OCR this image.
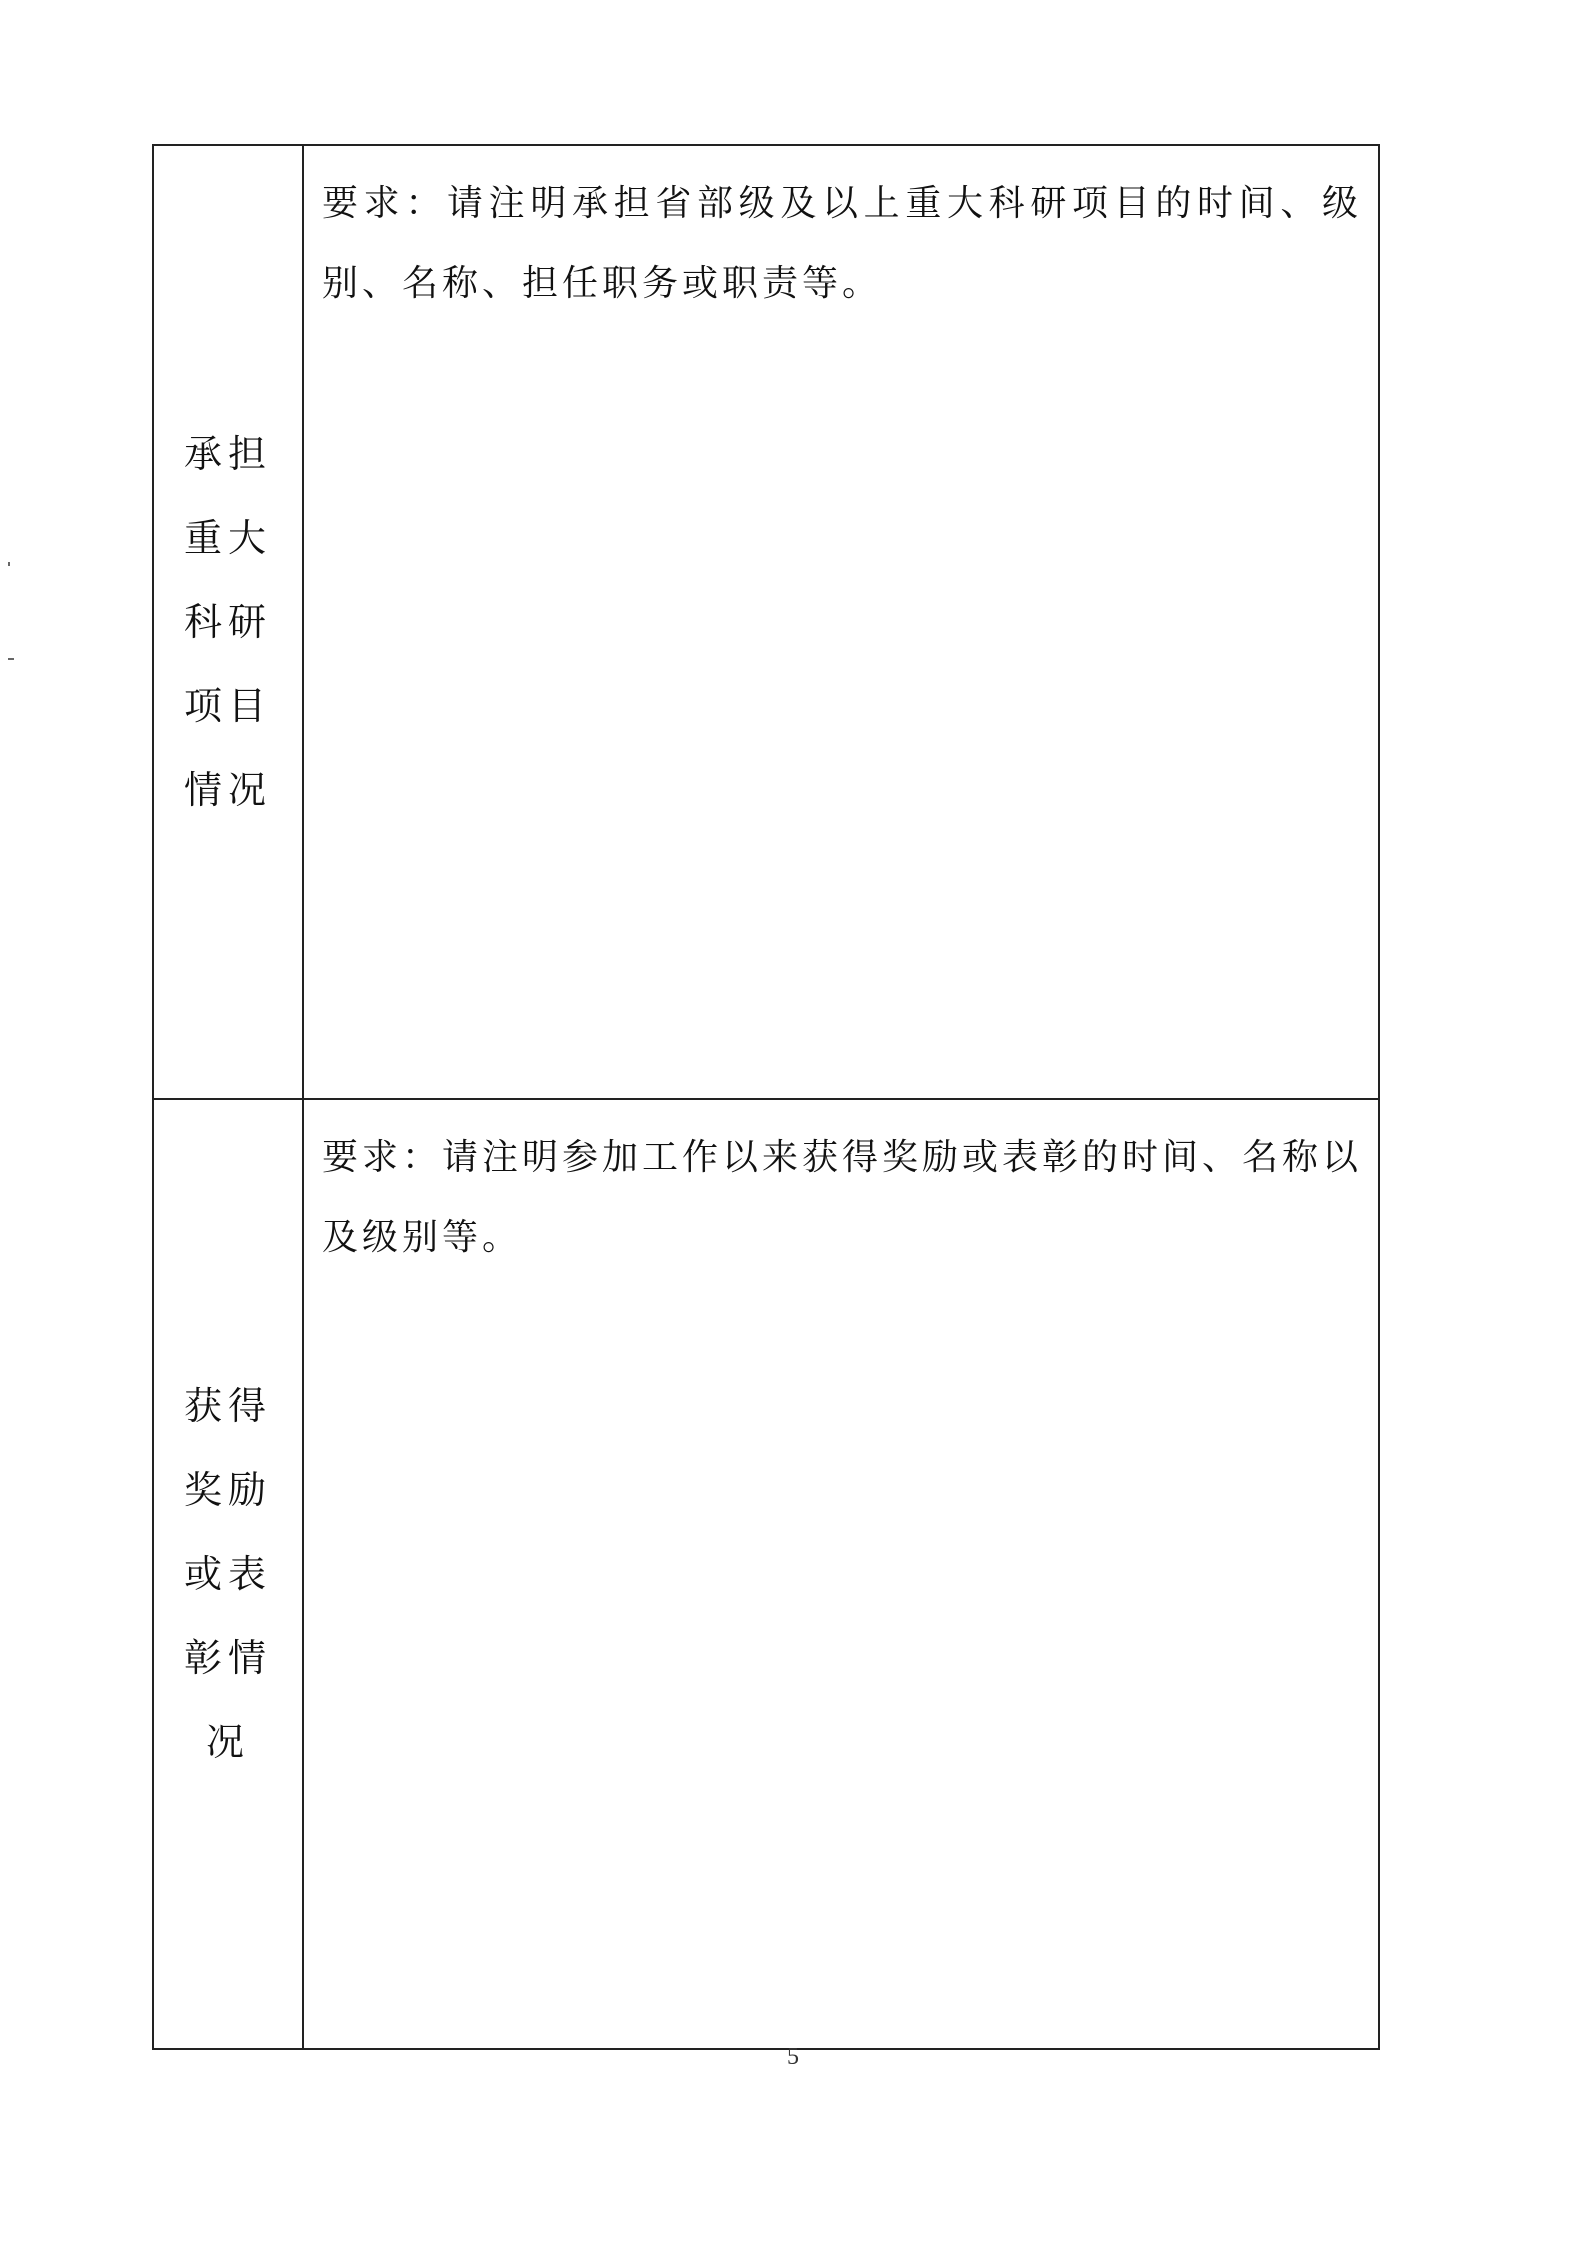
承担重大科研项目情况	要求：请注明承担省部级及以上重大科研项目的时间、级别、名称、担任职务或职责等。

获得奖励或表彰情况	要求：请注明参加工作以来获得奖励或表彰的时间、名称以及级别等。

5
